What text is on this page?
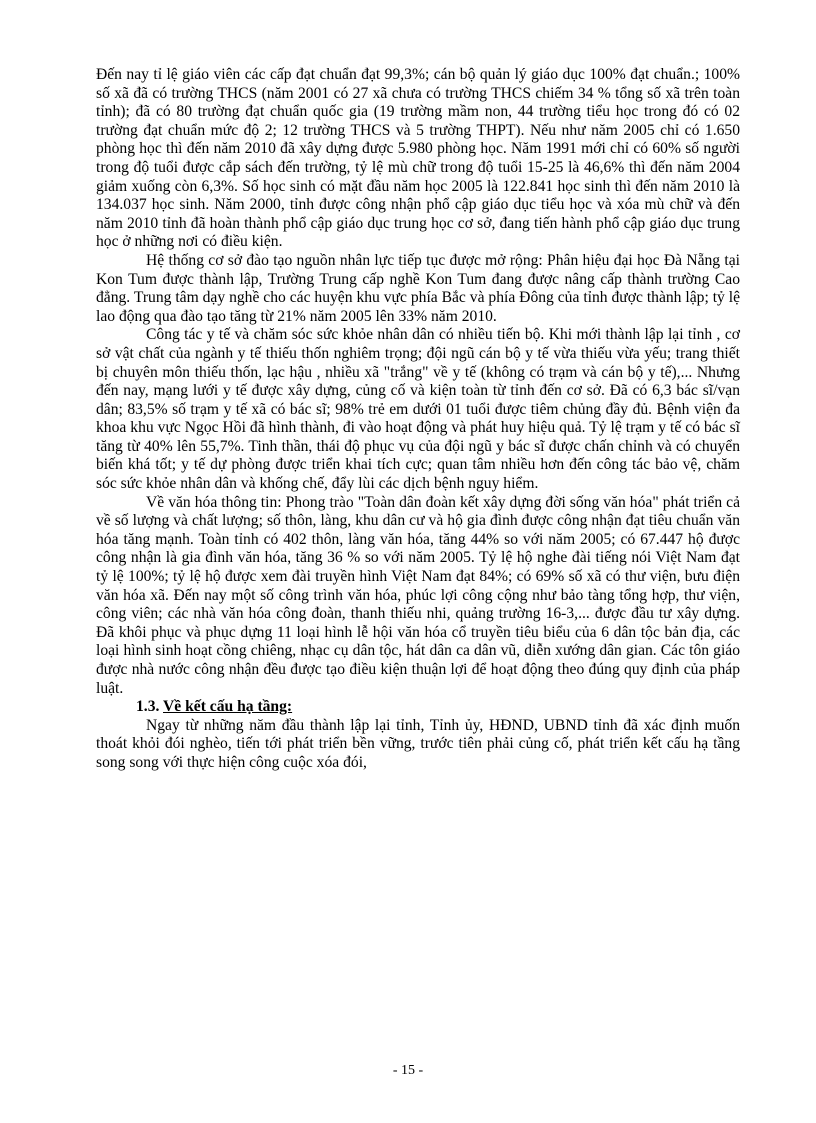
Đến nay tỉ lệ giáo viên các cấp đạt chuẩn đạt 99,3%; cán bộ quản lý giáo dục 100% đạt chuẩn.; 100% số xã đã có trường THCS (năm 2001 có 27 xã chưa có trường THCS chiếm 34 % tổng số xã trên toàn tỉnh); đã có 80 trường đạt chuẩn quốc gia (19 trường mầm non, 44 trường tiểu học trong đó có 02 trường đạt chuẩn mức độ 2; 12 trường THCS và 5 trường THPT). Nếu như năm 2005 chỉ có 1.650 phòng học thì đến năm 2010 đã xây dựng được 5.980 phòng học. Năm 1991 mới chỉ có 60% số người trong độ tuổi được cắp sách đến trường, tỷ lệ mù chữ trong độ tuổi 15-25 là 46,6% thì đến năm 2004 giảm xuống còn 6,3%. Số học sinh có mặt đầu năm học 2005 là 122.841 học sinh thì đến năm 2010 là 134.037 học sinh. Năm 2000, tỉnh được công nhận phổ cập giáo dục tiểu học và xóa mù chữ và đến năm 2010 tỉnh đã hoàn thành phổ cập giáo dục trung học cơ sở, đang tiến hành phổ cập giáo dục trung học ở những nơi có điều kiện.

Hệ thống cơ sở đào tạo nguồn nhân lực tiếp tục được mở rộng: Phân hiệu đại học Đà Nẵng tại Kon Tum được thành lập, Trường Trung cấp nghề Kon Tum đang được nâng cấp thành trường Cao đẳng. Trung tâm dạy nghề cho các huyện khu vực phía Bắc và phía Đông của tỉnh được thành lập; tỷ lệ lao động qua đào tạo tăng từ 21% năm 2005 lên 33% năm 2010.

Công tác y tế và chăm sóc sức khỏe nhân dân có nhiều tiến bộ. Khi mới thành lập lại tỉnh , cơ sở vật chất của ngành y tế thiếu thốn nghiêm trọng; đội ngũ cán bộ y tế vừa thiếu vừa yếu; trang thiết bị chuyên môn thiếu thốn, lạc hậu , nhiều xã "trắng" về y tế (không có trạm và cán bộ y tế),... Nhưng đến nay, mạng lưới y tế được xây dựng, củng cố và kiện toàn từ tỉnh đến cơ sở. Đã có 6,3 bác sĩ/vạn dân; 83,5% số trạm y tế xã có bác sĩ; 98% trẻ em dưới 01 tuổi được tiêm chủng đầy đủ. Bệnh viện đa khoa khu vực Ngọc Hồi đã hình thành, đi vào hoạt động và phát huy hiệu quả. Tỷ lệ trạm y tế có bác sĩ tăng từ 40% lên 55,7%. Tinh thần, thái độ phục vụ của đội ngũ y bác sĩ được chấn chỉnh và có chuyển biến khá tốt; y tế dự phòng được triển khai tích cực; quan tâm nhiều hơn đến công tác bảo vệ, chăm sóc sức khỏe nhân dân và khống chế, đẩy lùi các dịch bệnh nguy hiểm.

Về văn hóa thông tin: Phong trào "Toàn dân đoàn kết xây dựng đời sống văn hóa" phát triển cả về số lượng và chất lượng; số thôn, làng, khu dân cư và hộ gia đình được công nhận đạt tiêu chuẩn văn hóa tăng mạnh. Toàn tỉnh có 402 thôn, làng văn hóa, tăng 44% so với năm 2005; có 67.447 hộ được công nhận là gia đình văn hóa, tăng 36 % so với năm 2005. Tỷ lệ hộ nghe đài tiếng nói Việt Nam đạt tỷ lệ 100%; tỷ lệ hộ được xem đài truyền hình Việt Nam đạt 84%; có 69% số xã có thư viện, bưu điện văn hóa xã. Đến nay một số công trình văn hóa, phúc lợi công cộng như bảo tàng tổng hợp, thư viện, công viên; các nhà văn hóa công đoàn, thanh thiếu nhi, quảng trường 16-3,... được đầu tư xây dựng. Đã khôi phục và phục dựng 11 loại hình lễ hội văn hóa cổ truyền tiêu biểu của 6 dân tộc bản địa, các loại hình sinh hoạt cồng chiêng, nhạc cụ dân tộc, hát dân ca dân vũ, diễn xướng dân gian. Các tôn giáo được nhà nước công nhận đều được tạo điều kiện thuận lợi để hoạt động theo đúng quy định của pháp luật.

1.3. Về kết cấu hạ tầng:

Ngay từ những năm đầu thành lập lại tỉnh, Tỉnh ủy, HĐND, UBND tỉnh đã xác định muốn thoát khỏi đói nghèo, tiến tới phát triển bền vững, trước tiên phải củng cố, phát triển kết cấu hạ tầng song song với thực hiện công cuộc xóa đói,

- 15 -
